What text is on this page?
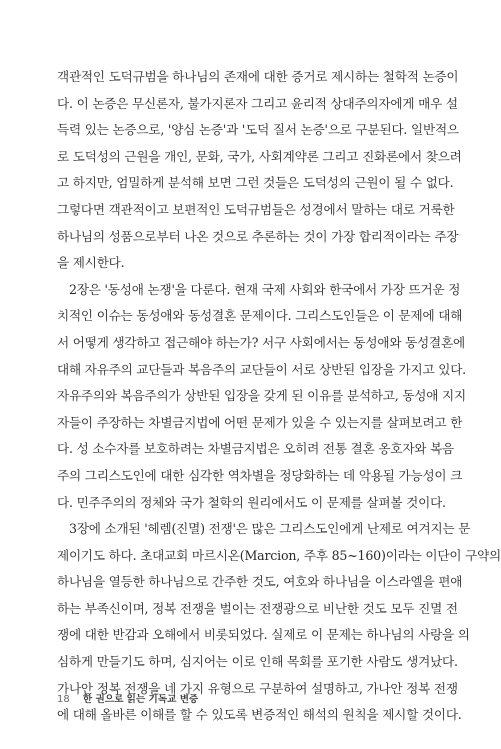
객관적인 도덕규범을 하나님의 존재에 대한 증거로 제시하는 철학적 논증이
다. 이 논증은 무신론자, 불가지론자 그리고 윤리적 상대주의자에게 매우 설
득력 있는 논증으로, '양심 논증'과 '도덕 질서 논증'으로 구분된다. 일반적으
로 도덕성의 근원을 개인, 문화, 국가, 사회계약론 그리고 진화론에서 찾으려
고 하지만, 엄밀하게 분석해 보면 그런 것들은 도덕성의 근원이 될 수 없다.
그렇다면 객관적이고 보편적인 도덕규범들은 성경에서 말하는 대로 거룩한
하나님의 성품으로부터 나온 것으로 추론하는 것이 가장 합리적이라는 주장
을 제시한다.
2장은 '동성애 논쟁'을 다룬다. 현재 국제 사회와 한국에서 가장 뜨거운 정
치적인 이슈는 동성애와 동성결혼 문제이다. 그리스도인들은 이 문제에 대해
서 어떻게 생각하고 접근해야 하는가? 서구 사회에서는 동성애와 동성결혼에
대해 자유주의 교단들과 복음주의 교단들이 서로 상반된 입장을 가지고 있다.
자유주의와 복음주의가 상반된 입장을 갖게 된 이유를 분석하고, 동성애 지지
자들이 주장하는 차별금지법에 어떤 문제가 있을 수 있는지를 살펴보려고 한
다. 성 소수자를 보호하려는 차별금지법은 오히려 전통 결혼 옹호자와 복음
주의 그리스도인에 대한 심각한 역차별을 정당화하는 데 악용될 가능성이 크
다. 민주주의의 정체와 국가 철학의 원리에서도 이 문제를 살펴볼 것이다.
3장에 소개된 '헤렘(진멸) 전쟁'은 많은 그리스도인에게 난제로 여겨지는 문
제이기도 하다. 초대교회 마르시온(Marcion, 주후 85~160)이라는 이단이 구약의
하나님을 열등한 하나님으로 간주한 것도, 여호와 하나님을 이스라엘을 편애
하는 부족신이며, 정복 전쟁을 벌이는 전쟁광으로 비난한 것도 모두 진멸 전
쟁에 대한 반감과 오해에서 비롯되었다. 실제로 이 문제는 하나님의 사랑을 의
심하게 만들기도 하며, 심지어는 이로 인해 목회를 포기한 사람도 생겨났다.
가나안 정복 전쟁을 네 가지 유형으로 구분하여 설명하고, 가나안 정복 전쟁
에 대해 올바른 이해를 할 수 있도록 변증적인 해석의 원칙을 제시할 것이다.
18 한 권으로 읽는 기독교 변증
